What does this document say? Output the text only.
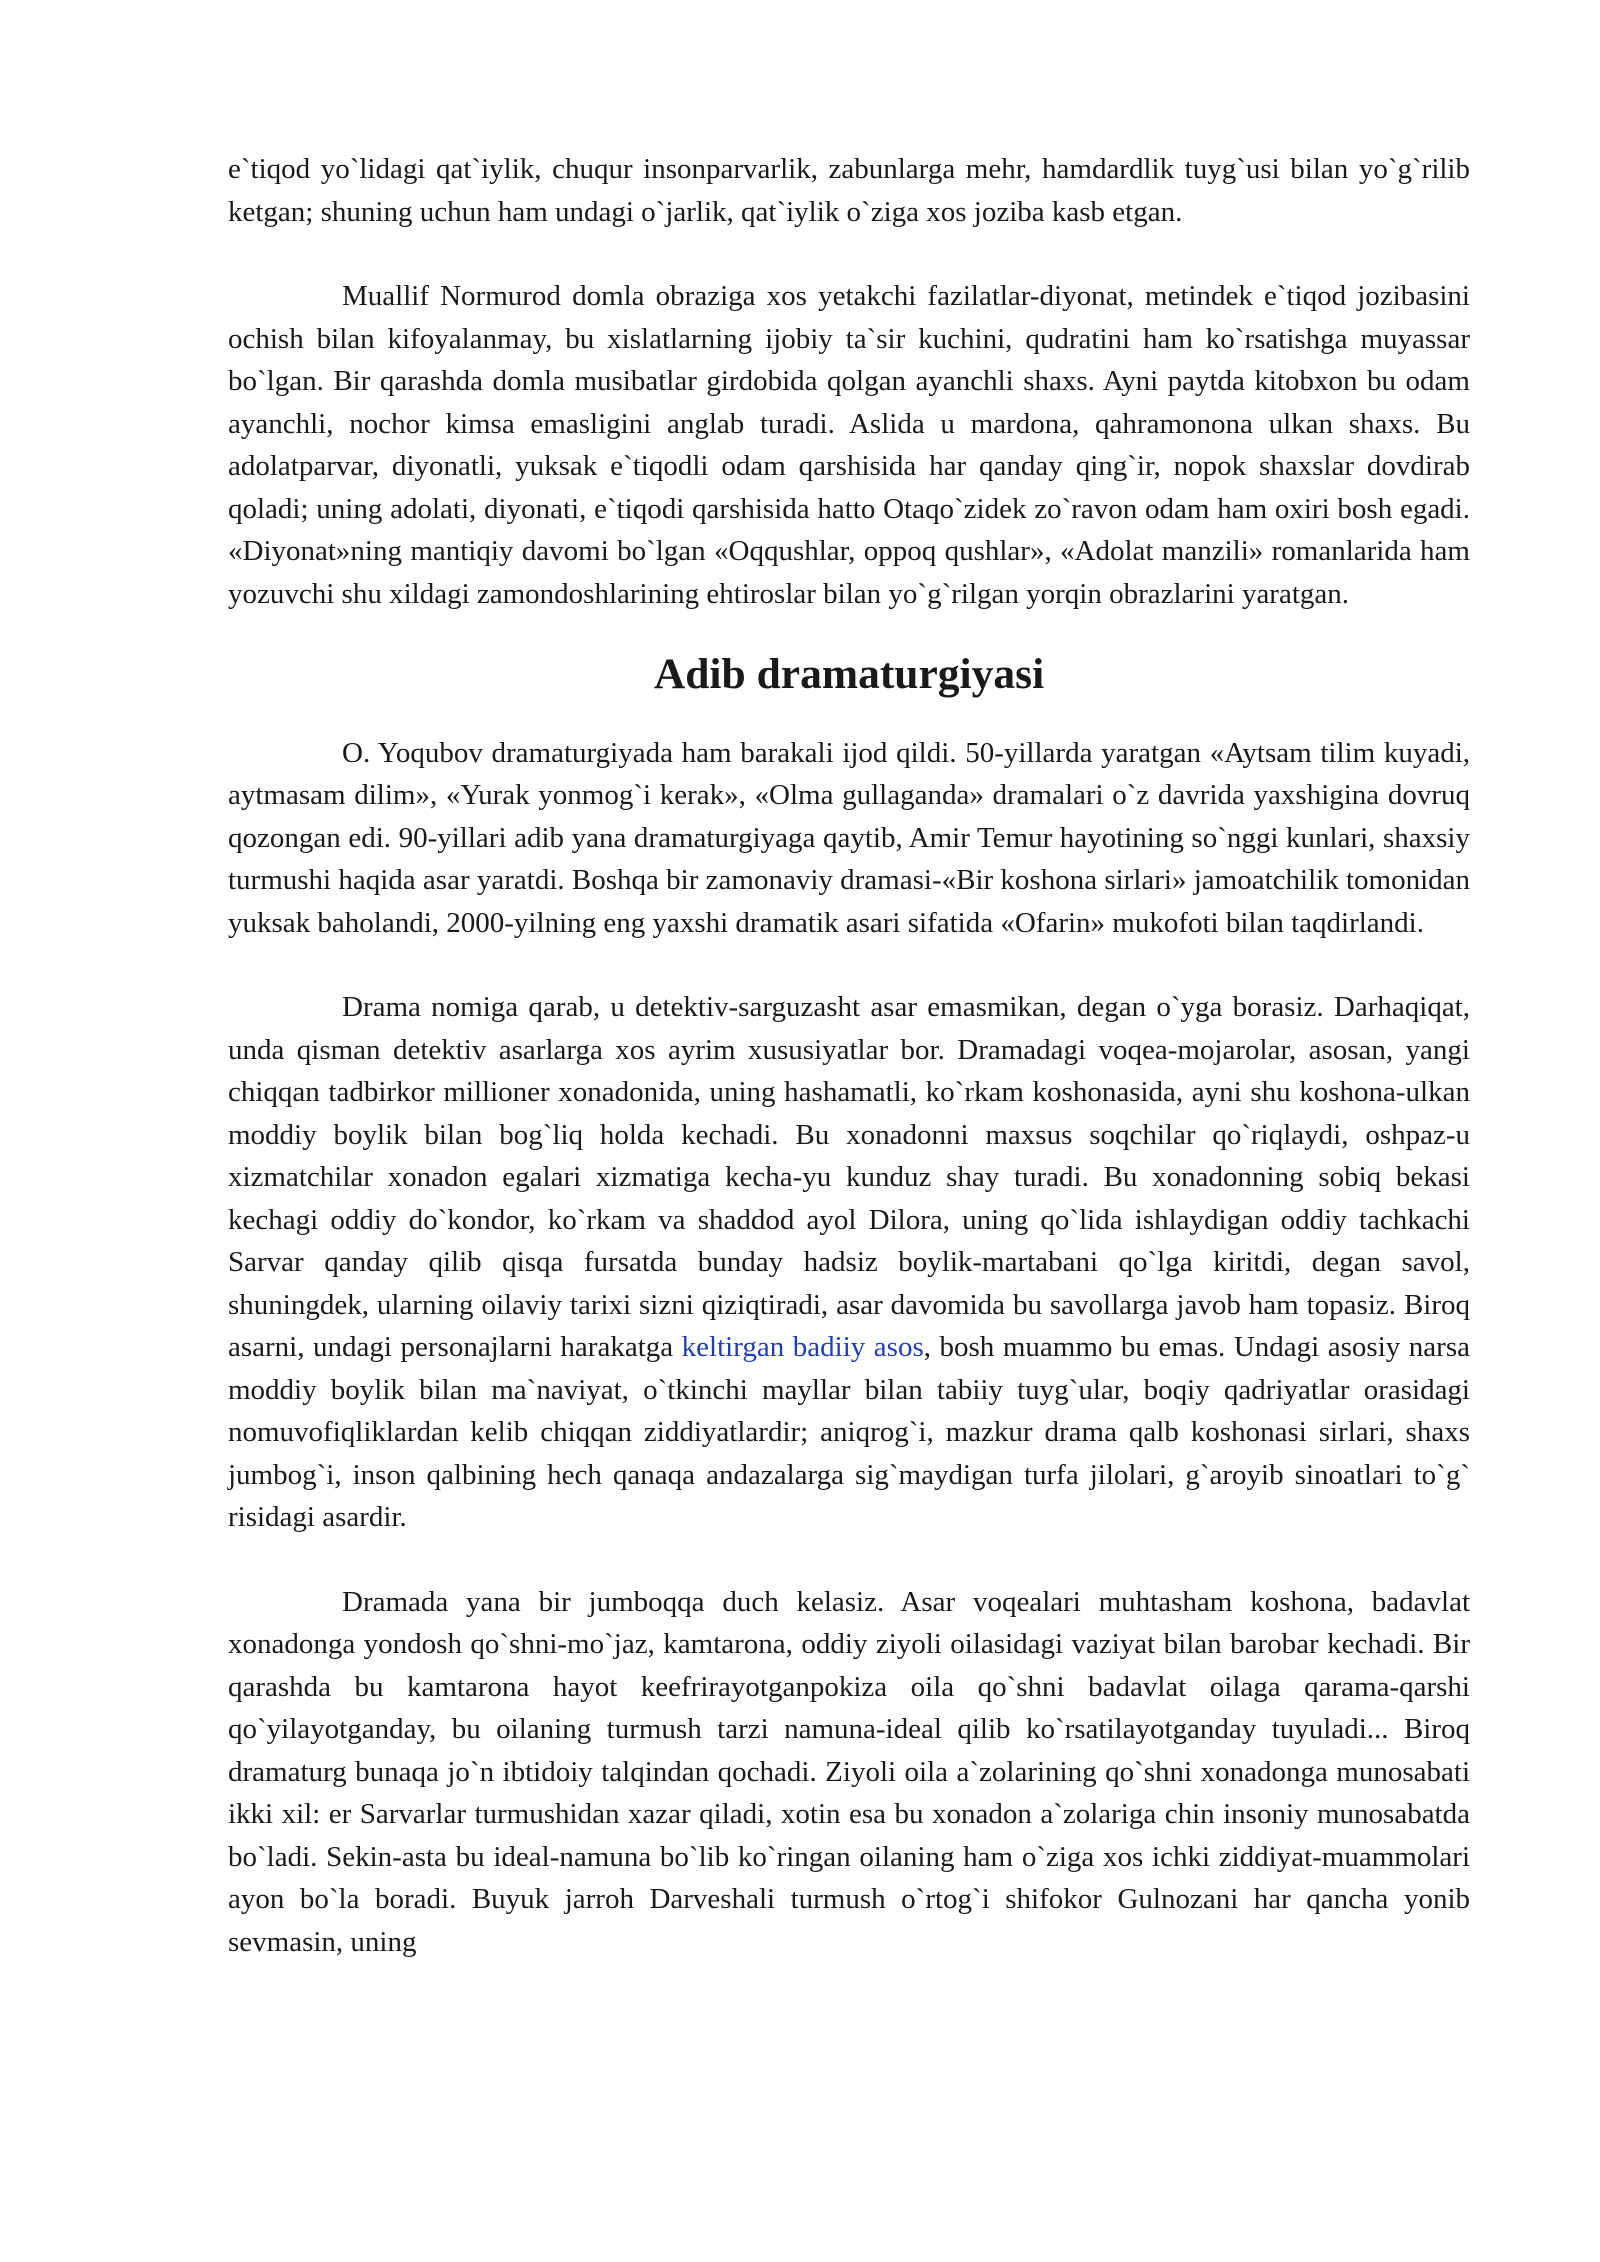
e`tiqod yo`lidagi qat`iylik, chuqur insonparvarlik, zabunlarga mehr, hamdardlik tuyg`usi bilan yo`g`rilib ketgan; shuning uchun ham undagi o`jarlik, qat`iylik o`ziga xos joziba kasb etgan.

Muallif Normurod domla obraziga xos yetakchi fazilatlar-diyonat, metindek e`tiqod jozibasini ochish bilan kifoyalanmay, bu xislatlarning ijobiy ta`sir kuchini, qudratini ham ko`rsatishga muyassar bo`lgan. Bir qarashda domla musibatlar girdobida qolgan ayanchli shaxs. Ayni paytda kitobxon bu odam ayanchli, nochor kimsa emasligini anglab turadi. Aslida u mardona, qahramonona ulkan shaxs. Bu adolatparvar, diyonatli, yuksak e`tiqodli odam qarshisida har qanday qing`ir, nopok shaxslar dovdirab qoladi; uning adolati, diyonati, e`tiqodi qarshisida hatto Otaqo`zidek zo`ravon odam ham oxiri bosh egadi. «Diyonat»ning mantiqiy davomi bo`lgan «Oqqushlar, oppoq qushlar», «Adolat manzili» romanlarida ham yozuvchi shu xildagi zamondoshlarining ehtiroslar bilan yo`g`rilgan yorqin obrazlarini yaratgan.

Adib dramaturgiyasi

O. Yoqubov dramaturgiyada ham barakali ijod qildi. 50-yillarda yaratgan «Aytsam tilim kuyadi, aytmasam dilim», «Yurak yonmog`i kerak», «Olma gullaganda» dramalari o`z davrida yaxshigina dovruq qozongan edi. 90-yillari adib yana dramaturgiyaga qaytib, Amir Temur hayotining so`nggi kunlari, shaxsiy turmushi haqida asar yaratdi. Boshqa bir zamonaviy dramasi-«Bir koshona sirlari» jamoatchilik tomonidan yuksak baholandi, 2000-yilning eng yaxshi dramatik asari sifatida «Ofarin» mukofoti bilan taqdirlandi.

Drama nomiga qarab, u detektiv-sarguzasht asar emasmikan, degan o`yga borasiz. Darhaqiqat, unda qisman detektiv asarlarga xos ayrim xususiyatlar bor. Dramadagi voqea-mojarolar, asosan, yangi chiqqan tadbirkor millioner xonadonida, uning hashamatli, ko`rkam koshonasida, ayni shu koshona-ulkan moddiy boylik bilan bog`liq holda kechadi. Bu xonadonni maxsus soqchilar qo`riqlaydi, oshpaz-u xizmatchilar xonadon egalari xizmatiga kecha-yu kunduz shay turadi. Bu xonadonning sobiq bekasi kechagi oddiy do`kondor, ko`rkam va shaddod ayol Dilora, uning qo`lida ishlaydigan oddiy tachkachi Sarvar qanday qilib qisqa fursatda bunday hadsiz boylik-martabani qo`lga kiritdi, degan savol, shuningdek, ularning oilaviy tarixi sizni qiziqtiradi, asar davomida bu savollarga javob ham topasiz. Biroq asarni, undagi personajlarni harakatga keltirgan badiiy asos, bosh muammo bu emas. Undagi asosiy narsa moddiy boylik bilan ma`naviyat, o`tkinchi mayllar bilan tabiiy tuyg`ular, boqiy qadriyatlar orasidagi nomuvofiqliklardan kelib chiqqan ziddiyatlardir; aniqrog`i, mazkur drama qalb koshonasi sirlari, shaxs jumbog`i, inson qalbining hech qanaqa andazalarga sig`maydigan turfa jilolari, g`aroyib sinoatlari to`g` risidagi asardir.

Dramada yana bir jumboqqa duch kelasiz. Asar voqealari muhtasham koshona, badavlat xonadonga yondosh qo`shni-mo`jaz, kamtarona, oddiy ziyoli oilasidagi vaziyat bilan barobar kechadi. Bir qarashda bu kamtarona hayot keefrirayotganpokiza oila qo`shni badavlat oilaga qarama-qarshi qo`yilayotganday, bu oilaning turmush tarzi namuna-ideal qilib ko`rsatilayotganday tuyuladi... Biroq dramaturg bunaqa jo`n ibtidoiy talqindan qochadi. Ziyoli oila a`zolarining qo`shni xonadonga munosabati ikki xil: er Sarvarlar turmushidan xazar qiladi, xotin esa bu xonadon a`zolariga chin insoniy munosabatda bo`ladi. Sekin-asta bu ideal-namuna bo`lib ko`ringan oilaning ham o`ziga xos ichki ziddiyat-muammolari ayon bo`la boradi. Buyuk jarroh Darveshali turmush o`rtog`i shifokor Gulnozani har qancha yonib sevmasin, uning
